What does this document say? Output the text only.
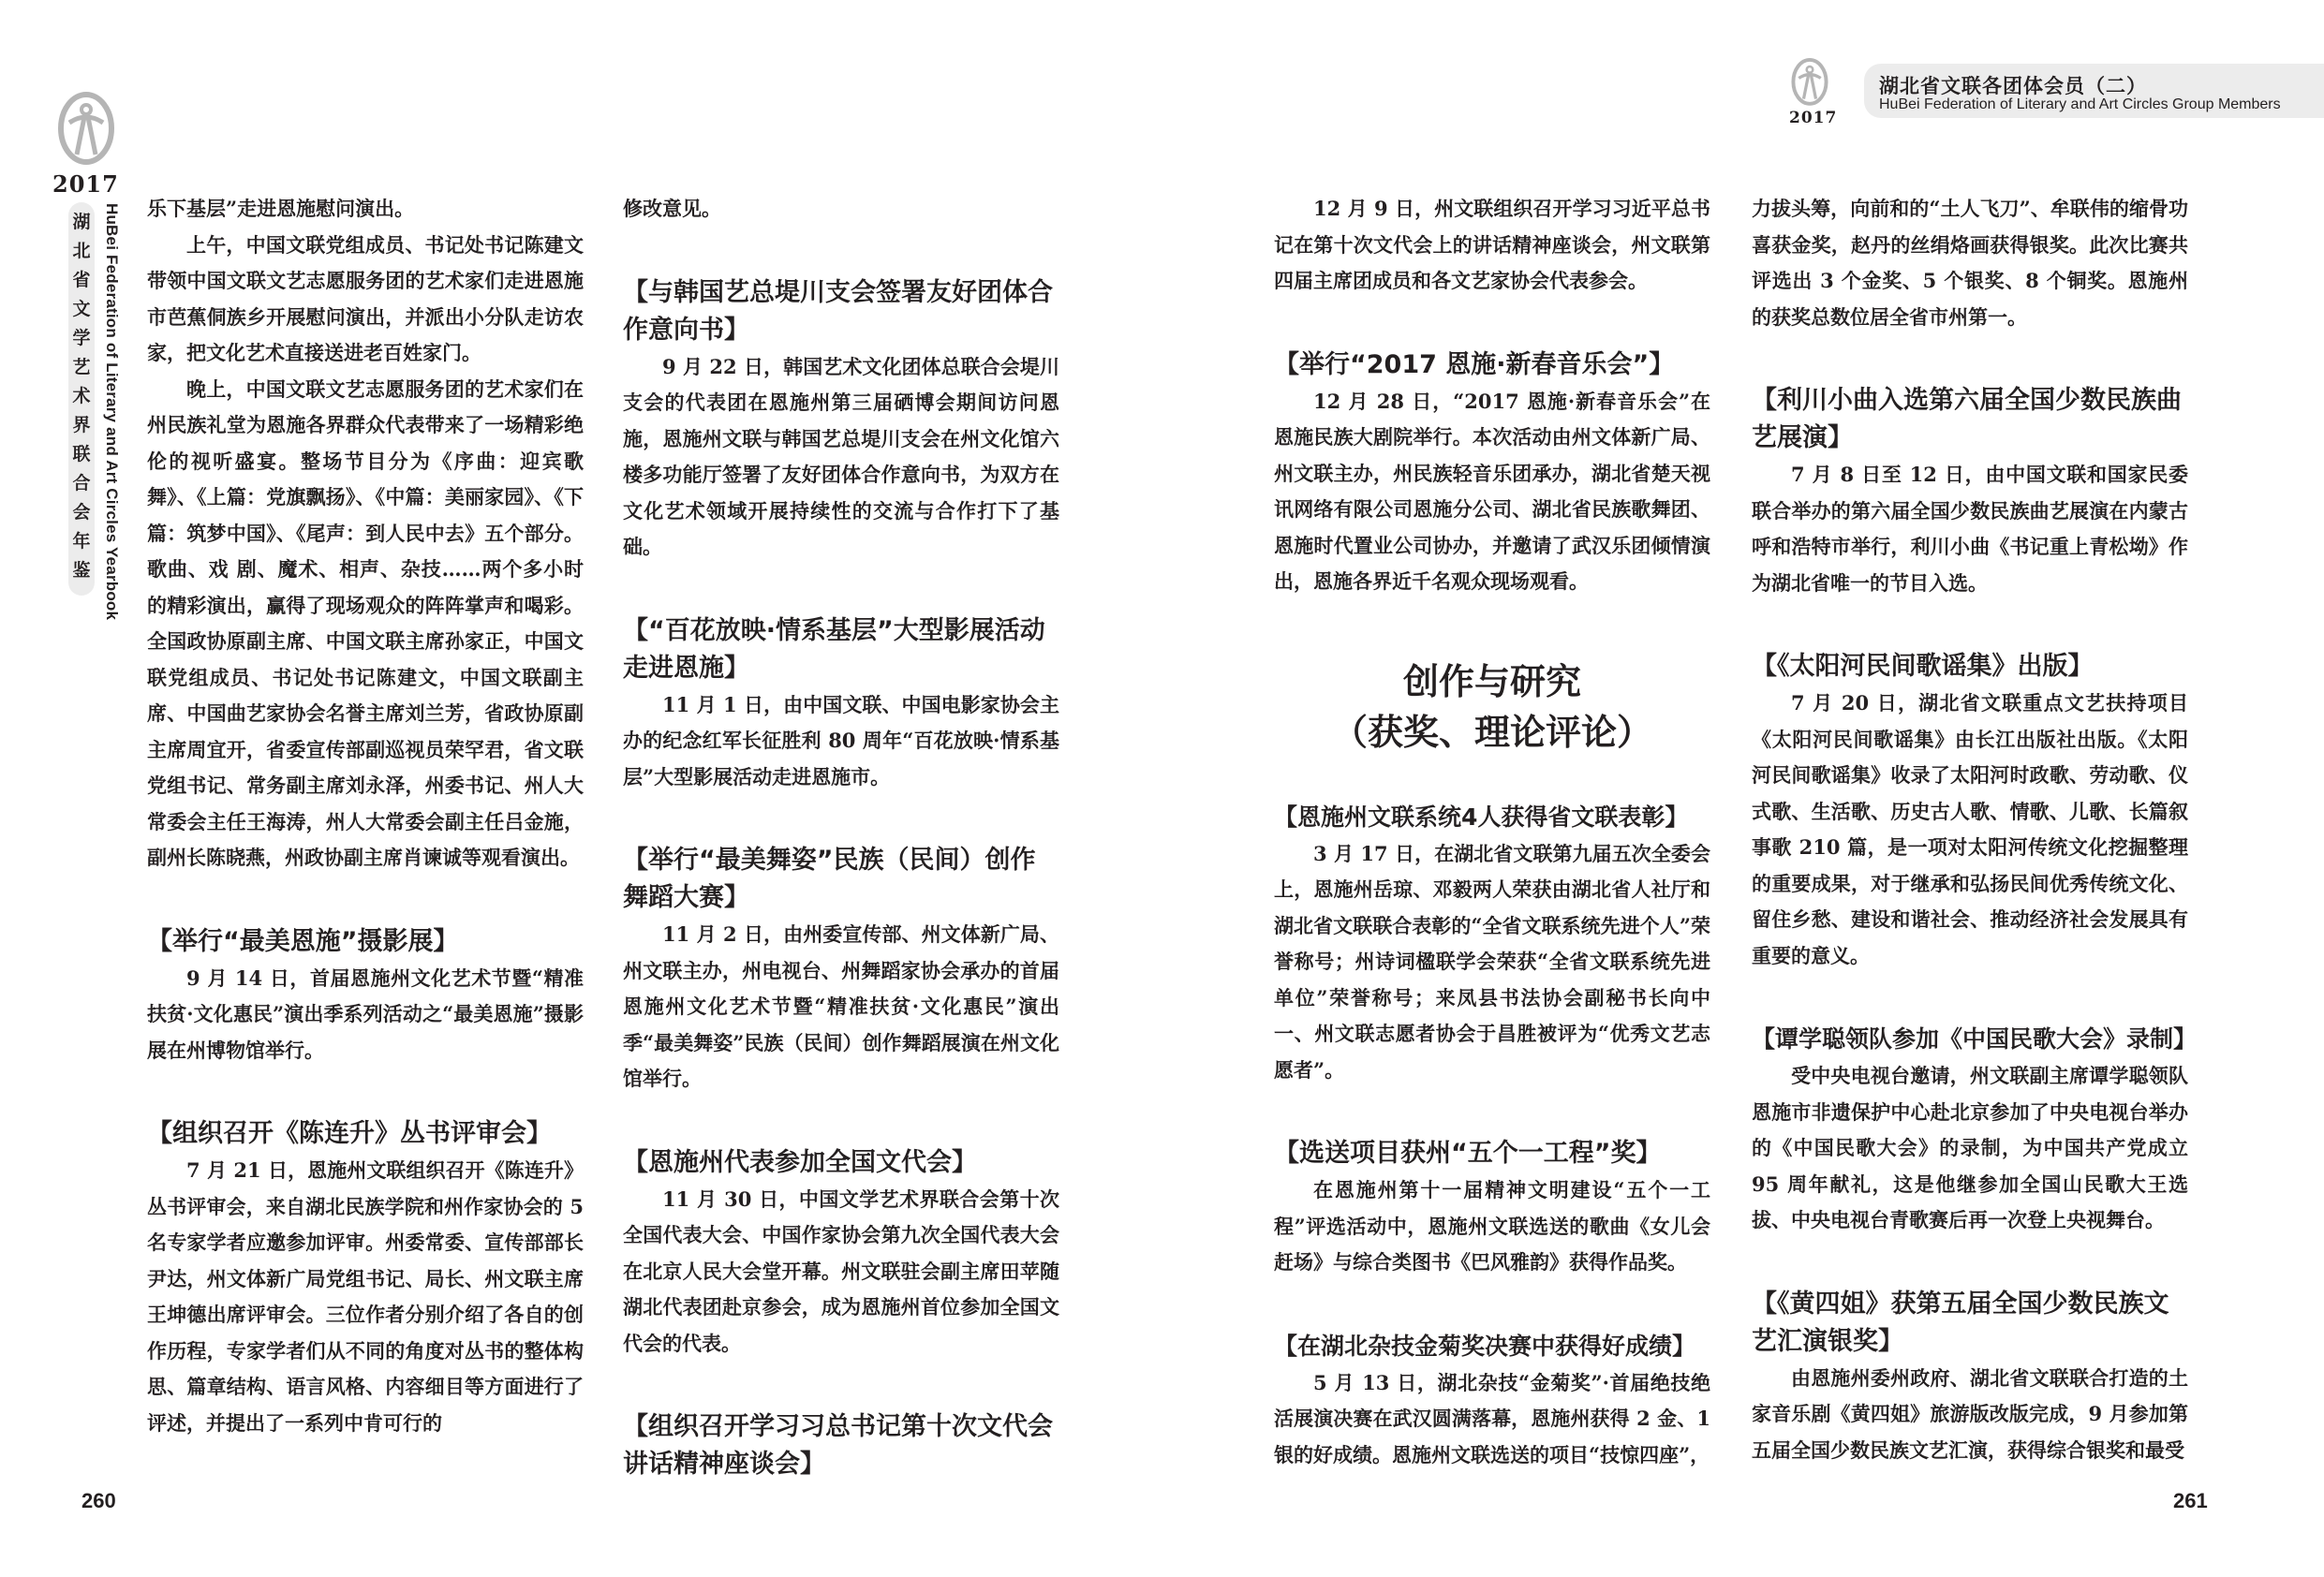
2017
湖北省文学艺术界联合会年鉴 HuBei Federation of Literary and Art Circles Yearbook
2017
湖北省文联各团体会员（二）
HuBei Federation of Literary and Art Circles Group Members

乐下基层”走进恩施慰问演出。

上午，中国文联党组成员、书记处书记陈建文带领中国文联文艺志愿服务团的艺术家们走进恩施市芭蕉侗族乡开展慰问演出，并派出小分队走访农家，把文化艺术直接送进老百姓家门。

晚上，中国文联文艺志愿服务团的艺术家们在州民族礼堂为恩施各界群众代表带来了一场精彩绝伦的视听盛宴。整场节目分为《序曲：迎宾歌舞》、《上篇：党旗飘扬》、《中篇：美丽家园》、《下篇：筑梦中国》、《尾声：到人民中去》五个部分。歌曲、戏 剧、魔术、相声、杂技……两个多小时的精彩演出，赢得了现场观众的阵阵掌声和喝彩。全国政协原副主席、中国文联主席孙家正，中国文联党组成员、书记处书记陈建文，中国文联副主席、中国曲艺家协会名誉主席刘兰芳，省政协原副主席周宜开，省委宣传部副巡视员荣罕君，省文联党组书记、常务副主席刘永泽，州委书记、州人大常委会主任王海涛，州人大常委会副主任吕金施，副州长陈晓燕，州政协副主席肖谏诚等观看演出。

【举行“最美恩施”摄影展】

9 月 14 日，首届恩施州文化艺术节暨“精准扶贫·文化惠民”演出季系列活动之“最美恩施”摄影展在州博物馆举行。

【组织召开《陈连升》丛书评审会】

7 月 21 日，恩施州文联组织召开《陈连升》丛书评审会，来自湖北民族学院和州作家协会的 5 名专家学者应邀参加评审。州委常委、宣传部部长尹达，州文体新广局党组书记、局长、州文联主席王坤德出席评审会。三位作者分别介绍了各自的创作历程，专家学者们从不同的角度对丛书的整体构思、篇章结构、语言风格、内容细目等方面进行了评述，并提出了一系列中肯可行的

修改意见。

【与韩国艺总堤川支会签署友好团体合作意向书】

9 月 22 日，韩国艺术文化团体总联合会堤川支会的代表团在恩施州第三届硒博会期间访问恩施，恩施州文联与韩国艺总堤川支会在州文化馆六楼多功能厅签署了友好团体合作意向书，为双方在文化艺术领域开展持续性的交流与合作打下了基础。

【“百花放映·情系基层”大型影展活动走进恩施】

11 月 1 日，由中国文联、中国电影家协会主办的纪念红军长征胜利 80 周年“百花放映·情系基层”大型影展活动走进恩施市。

【举行“最美舞姿”民族（民间）创作舞蹈大赛】

11 月 2 日，由州委宣传部、州文体新广局、州文联主办，州电视台、州舞蹈家协会承办的首届恩施州文化艺术节暨“精准扶贫·文化惠民”演出季“最美舞姿”民族（民间）创作舞蹈展演在州文化馆举行。

【恩施州代表参加全国文代会】

11 月 30 日，中国文学艺术界联合会第十次全国代表大会、中国作家协会第九次全国代表大会在北京人民大会堂开幕。州文联驻会副主席田苹随湖北代表团赴京参会，成为恩施州首位参加全国文代会的代表。

【组织召开学习习总书记第十次文代会讲话精神座谈会】

12 月 9 日，州文联组织召开学习习近平总书记在第十次文代会上的讲话精神座谈会，州文联第四届主席团成员和各文艺家协会代表参会。

【举行“2017 恩施·新春音乐会”】

12 月 28 日，“2017 恩施·新春音乐会”在恩施民族大剧院举行。本次活动由州文体新广局、州文联主办，州民族轻音乐团承办，湖北省楚天视讯网络有限公司恩施分公司、湖北省民族歌舞团、恩施时代置业公司协办，并邀请了武汉乐团倾情演出，恩施各界近千名观众现场观看。

创作与研究

（获奖、理论评论）

【恩施州文联系统4人获得省文联表彰】

3 月 17 日，在湖北省文联第九届五次全委会上，恩施州岳琼、邓毅两人荣获由湖北省人社厅和湖北省文联联合表彰的“全省文联系统先进个人”荣誉称号；州诗词楹联学会荣获“全省文联系统先进单位”荣誉称号；来凤县书法协会副秘书长向中一、州文联志愿者协会于昌胜被评为“优秀文艺志愿者”。

【选送项目获州“五个一工程”奖】

在恩施州第十一届精神文明建设“五个一工程”评选活动中，恩施州文联选送的歌曲《女儿会赶场》与综合类图书《巴风雅韵》获得作品奖。

【在湖北杂技金菊奖决赛中获得好成绩】

5 月 13 日，湖北杂技“金菊奖”·首届绝技绝活展演决赛在武汉圆满落幕，恩施州获得 2 金、1 银的好成绩。恩施州文联选送的项目“技惊四座”，

力拔头筹，向前和的“土人飞刀”、牟联伟的缩骨功喜获金奖，赵丹的丝绢烙画获得银奖。此次比赛共评选出 3 个金奖、5 个银奖、8 个铜奖。恩施州的获奖总数位居全省市州第一。

【利川小曲入选第六届全国少数民族曲艺展演】

7 月 8 日至 12 日，由中国文联和国家民委联合举办的第六届全国少数民族曲艺展演在内蒙古呼和浩特市举行，利川小曲《书记重上青松坳》作为湖北省唯一的节目入选。

【《太阳河民间歌谣集》出版】

7 月 20 日，湖北省文联重点文艺扶持项目《太阳河民间歌谣集》由长江出版社出版。《太阳河民间歌谣集》收录了太阳河时政歌、劳动歌、仪式歌、生活歌、历史古人歌、情歌、儿歌、长篇叙事歌 210 篇，是一项对太阳河传统文化挖掘整理的重要成果，对于继承和弘扬民间优秀传统文化、留住乡愁、建设和谐社会、推动经济社会发展具有重要的意义。

【谭学聪领队参加《中国民歌大会》录制】

受中央电视台邀请，州文联副主席谭学聪领队恩施市非遗保护中心赴北京参加了中央电视台举办的《中国民歌大会》的录制，为中国共产党成立 95 周年献礼，这是他继参加全国山民歌大王选拔、中央电视台青歌赛后再一次登上央视舞台。

【《黄四姐》获第五届全国少数民族文艺汇演银奖】

由恩施州委州政府、湖北省文联联合打造的土家音乐剧《黄四姐》旅游版改版完成，9 月参加第五届全国少数民族文艺汇演，获得综合银奖和最受

260	261
